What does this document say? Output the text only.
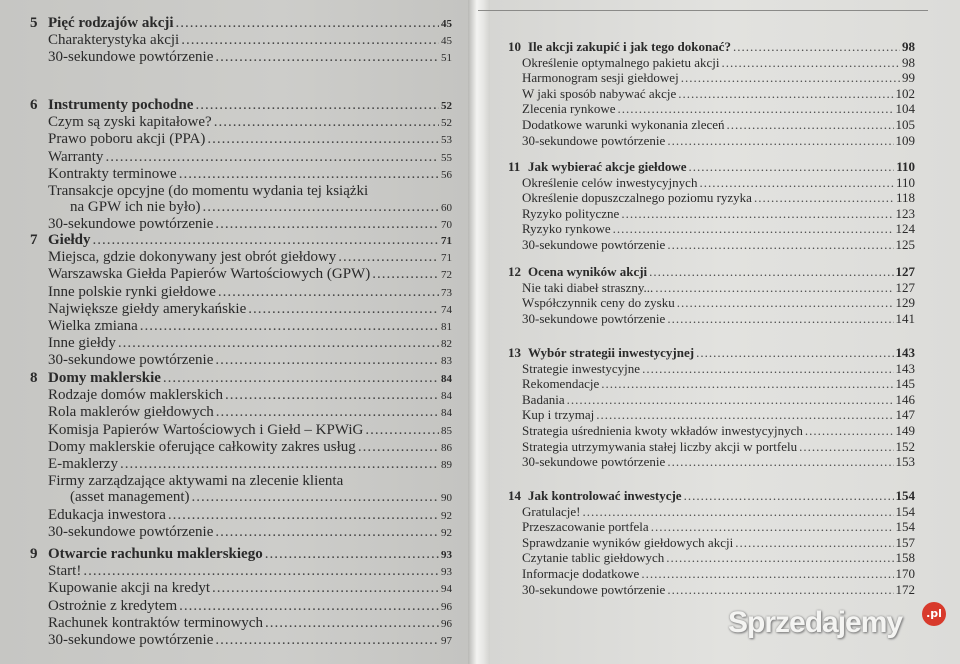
5 Pięć rodzajów akcji .....	45
Charakterystyka akcji .....	45
30-sekundowe powtórzenie .....	51
6 Instrumenty pochodne .....	52
Czym są zyski kapitałowe? .....	52
Prawo poboru akcji (PPA) .....	53
Warranty .....	55
Kontrakty terminowe .....	56
Transakcje opcyjne (do momentu wydania tej książki
na GPW ich nie było) .....	60
30-sekundowe powtórzenie .....	70
7 Giełdy .....	71
Miejsca, gdzie dokonywany jest obrót giełdowy .....	71
Warszawska Giełda Papierów Wartościowych (GPW) .....	72
Inne polskie rynki giełdowe .....	73
Największe giełdy amerykańskie .....	74
Wielka zmiana .....	81
Inne giełdy .....	82
30-sekundowe powtórzenie .....	83
8 Domy maklerskie .....	84
Rodzaje domów maklerskich .....	84
Rola maklerów giełdowych .....	84
Komisja Papierów Wartościowych i Giełd – KPWiG .....	85
Domy maklerskie oferujące całkowity zakres usług .....	86
E-maklerzy .....	89
Firmy zarządzające aktywami na zlecenie klienta
(asset management) .....	90
Edukacja inwestora .....	92
30-sekundowe powtórzenie .....	92
9 Otwarcie rachunku maklerskiego .....	93
Start! .....	93
Kupowanie akcji na kredyt .....	94
Ostrożnie z kredytem .....	96
Rachunek kontraktów terminowych .....	96
30-sekundowe powtórzenie .....	97
10 Ile akcji zakupić i jak tego dokonać? .....	98
Określenie optymalnego pakietu akcji .....	98
Harmonogram sesji giełdowej .....	99
W jaki sposób nabywać akcje .....	102
Zlecenia rynkowe .....	104
Dodatkowe warunki wykonania zleceń .....	105
30-sekundowe powtórzenie .....	109
11 Jak wybierać akcje giełdowe .....	110
Określenie celów inwestycyjnych .....	110
Określenie dopuszczalnego poziomu ryzyka .....	118
Ryzyko polityczne .....	123
Ryzyko rynkowe .....	124
30-sekundowe powtórzenie .....	125
12 Ocena wyników akcji .....	127
Nie taki diabeł straszny... .....	127
Współczynnik ceny do zysku .....	129
30-sekundowe powtórzenie .....	141
13 Wybór strategii inwestycyjnej .....	143
Strategie inwestycyjne .....	143
Rekomendacje .....	145
Badania .....	146
Kup i trzymaj .....	147
Strategia uśrednienia kwoty wkładów inwestycyjnych .....	149
Strategia utrzymywania stałej liczby akcji w portfelu .....	152
30-sekundowe powtórzenie .....	153
14 Jak kontrolować inwestycje .....	154
Gratulacje! .....	154
Przeszacowanie portfela .....	154
Sprawdzanie wyników giełdowych akcji .....	157
Czytanie tablic giełdowych .....	158
Informacje dodatkowe .....	170
30-sekundowe powtórzenie .....	172
Sprzedajemy	.pl
